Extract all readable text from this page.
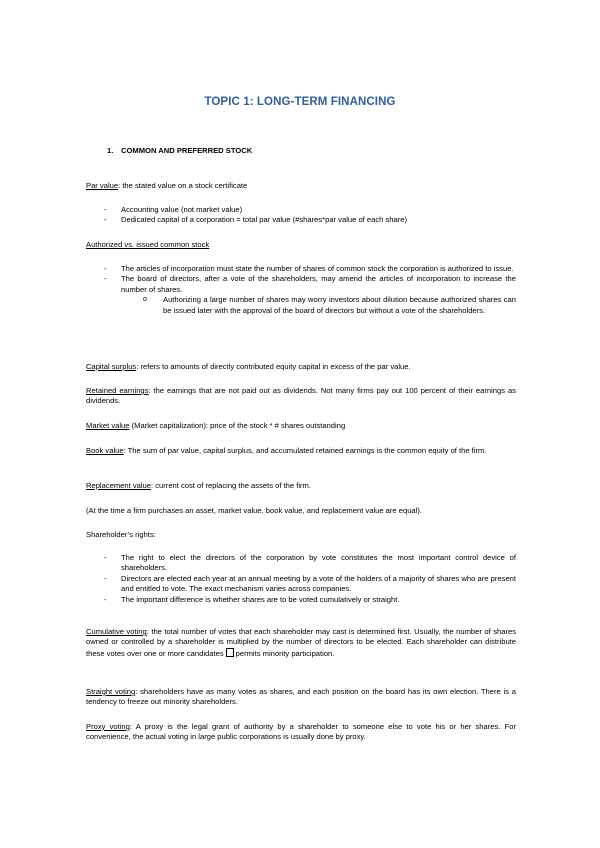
TOPIC 1: LONG-TERM FINANCING
1. COMMON AND PREFERRED STOCK
Par value: the stated value on a stock certificate
- Accounting value (not market value)
- Dedicated capital of a corporation = total par value (#shares*par value of each share)
Authorized vs. issued common stock
- The articles of incorporation must state the number of shares of common stock the corporation is authorized to issue.
- The board of directors, after a vote of the shareholders, may amend the articles of incorporation to increase the number of shares.
o Authorizing a large number of shares may worry investors about dilution because authorized shares can be issued later with the approval of the board of directors but without a vote of the shareholders.
Capital surplus: refers to amounts of directly contributed equity capital in excess of the par value.
Retained earnings: the earnings that are not paid out as dividends. Not many firms pay out 100 percent of their earnings as dividends.
Market value (Market capitalization): price of the stock * # shares outstanding
Book value: The sum of par value, capital surplus, and accumulated retained earnings is the common equity of the firm.
Replacement value: current cost of replacing the assets of the firm.
(At the time a firm purchases an asset, market value, book value, and replacement value are equal).
Shareholder’s rights:
- The right to elect the directors of the corporation by vote constitutes the most important control device of shareholders.
- Directors are elected each year at an annual meeting by a vote of the holders of a majority of shares who are present and entitled to vote. The exact mechanism varies across companies.
- The important difference is whether shares are to be voted cumulatively or straight.
Cumulative voting: the total number of votes that each shareholder may cast is determined first. Usually, the number of shares owned or controlled by a shareholder is multiplied by the number of directors to be elected. Each shareholder can distribute these votes over one or more candidates permits minority participation.
Straight voting: shareholders have as many votes as shares, and each position on the board has its own election. There is a tendency to freeze out minority shareholders.
Proxy voting: A proxy is the legal grant of authority by a shareholder to someone else to vote his or her shares. For convenience, the actual voting in large public corporations is usually done by proxy.
